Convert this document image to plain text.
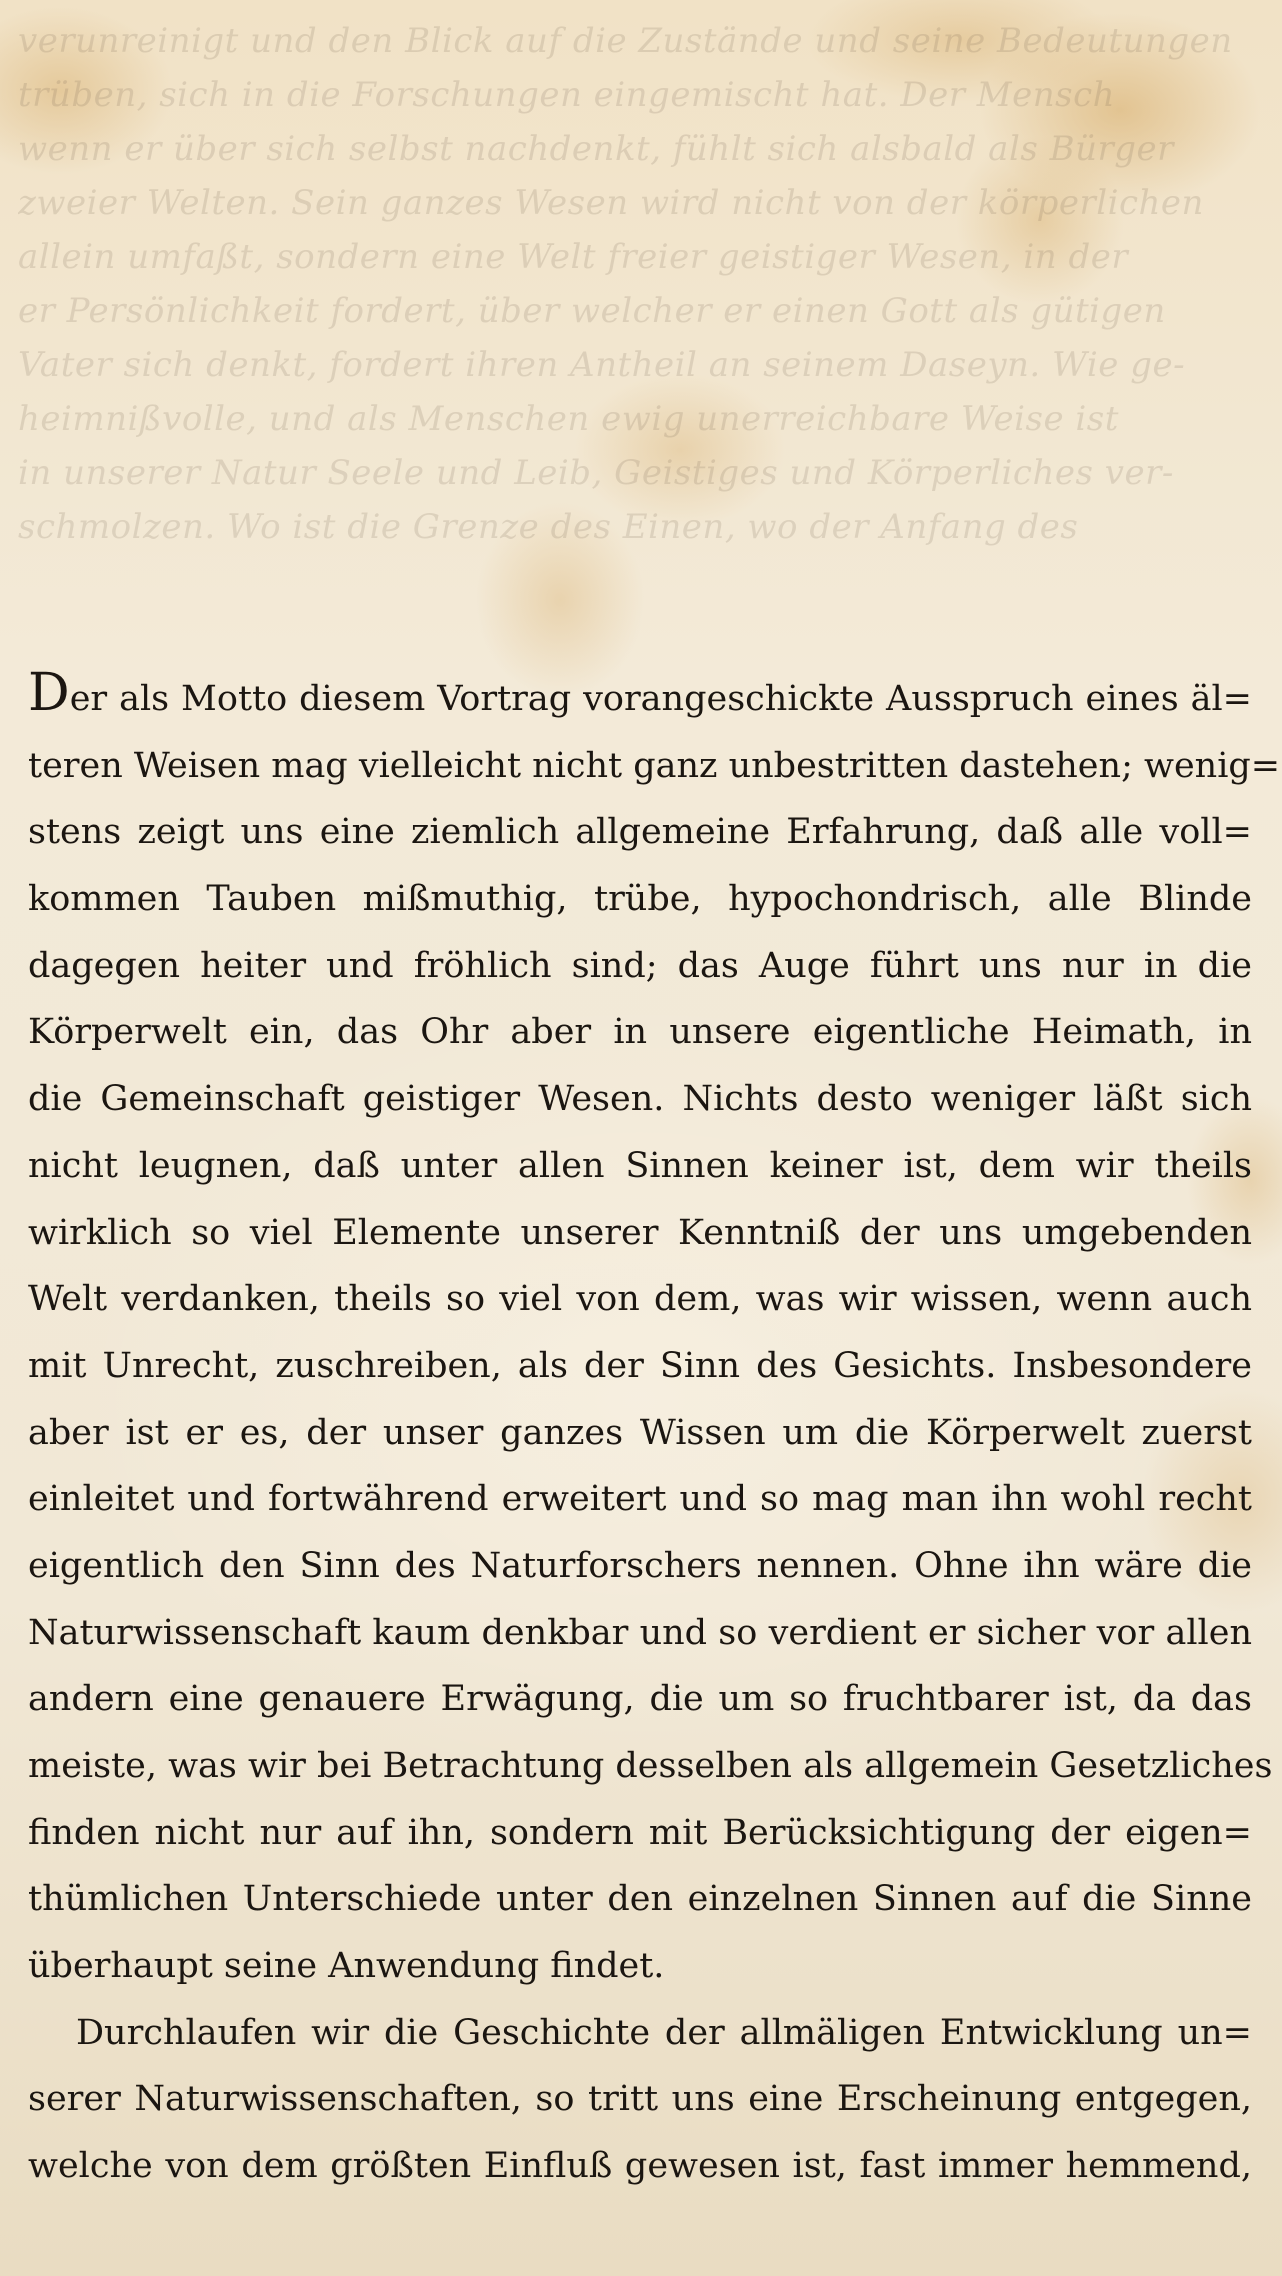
verunreinigt und den Blick auf die Zustände und seine Bedeutungen
trüben, sich in die Forschungen eingemischt hat. Der Mensch
wenn er über sich selbst nachdenkt, fühlt sich alsbald als Bürger
zweier Welten. Sein ganzes Wesen wird nicht von der körperlichen
allein umfaßt, sondern eine Welt freier geistiger Wesen, in der
er Persönlichkeit fordert, über welcher er einen Gott als gütigen
Vater sich denkt, fordert ihren Antheil an seinem Daseyn. Wie ge-
heimnißvolle, und als Menschen ewig unerreichbare Weise ist
in unserer Natur Seele und Leib, Geistiges und Körperliches ver-
schmolzen. Wo ist die Grenze des Einen, wo der Anfang des
Der als Motto diesem Vortrag vorangeschickte Ausspruch eines äl=
teren Weisen mag vielleicht nicht ganz unbestritten dastehen; wenig=
stens zeigt uns eine ziemlich allgemeine Erfahrung, daß alle voll=
kommen Tauben mißmuthig, trübe, hypochondrisch, alle Blinde
dagegen heiter und fröhlich sind; das Auge führt uns nur in die
Körperwelt ein, das Ohr aber in unsere eigentliche Heimath, in
die Gemeinschaft geistiger Wesen. Nichts desto weniger läßt sich
nicht leugnen, daß unter allen Sinnen keiner ist, dem wir theils
wirklich so viel Elemente unserer Kenntniß der uns umgebenden
Welt verdanken, theils so viel von dem, was wir wissen, wenn auch
mit Unrecht, zuschreiben, als der Sinn des Gesichts. Insbesondere
aber ist er es, der unser ganzes Wissen um die Körperwelt zuerst
einleitet und fortwährend erweitert und so mag man ihn wohl recht
eigentlich den Sinn des Naturforschers nennen. Ohne ihn wäre die
Naturwissenschaft kaum denkbar und so verdient er sicher vor allen
andern eine genauere Erwägung, die um so fruchtbarer ist, da das
meiste, was wir bei Betrachtung desselben als allgemein Gesetzliches
finden nicht nur auf ihn, sondern mit Berücksichtigung der eigen=
thümlichen Unterschiede unter den einzelnen Sinnen auf die Sinne
überhaupt seine Anwendung findet.
Durchlaufen wir die Geschichte der allmäligen Entwicklung un=
serer Naturwissenschaften, so tritt uns eine Erscheinung entgegen,
welche von dem größten Einfluß gewesen ist, fast immer hemmend,
